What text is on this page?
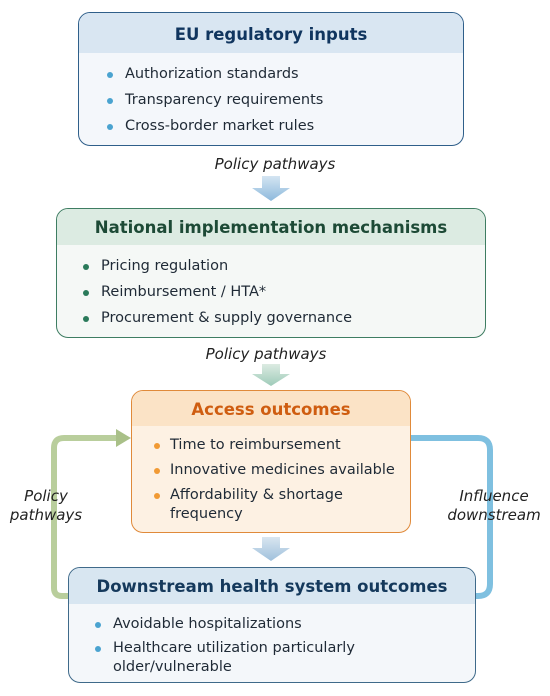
EU regulatory inputs
Authorization standards
Transparency requirements
Cross-border market rules
Policy pathways
National implementation mechanisms
Pricing regulation
Reimbursement / HTA*
Procurement & supply governance
Policy pathways
Access outcomes
Time to reimbursement
Innovative medicines available
Affordability & shortage frequency
Policy
pathways
Influence
downstream
Downstream health system outcomes
Avoidable hospitalizations
Healthcare utilization particularly older/vulnerable
